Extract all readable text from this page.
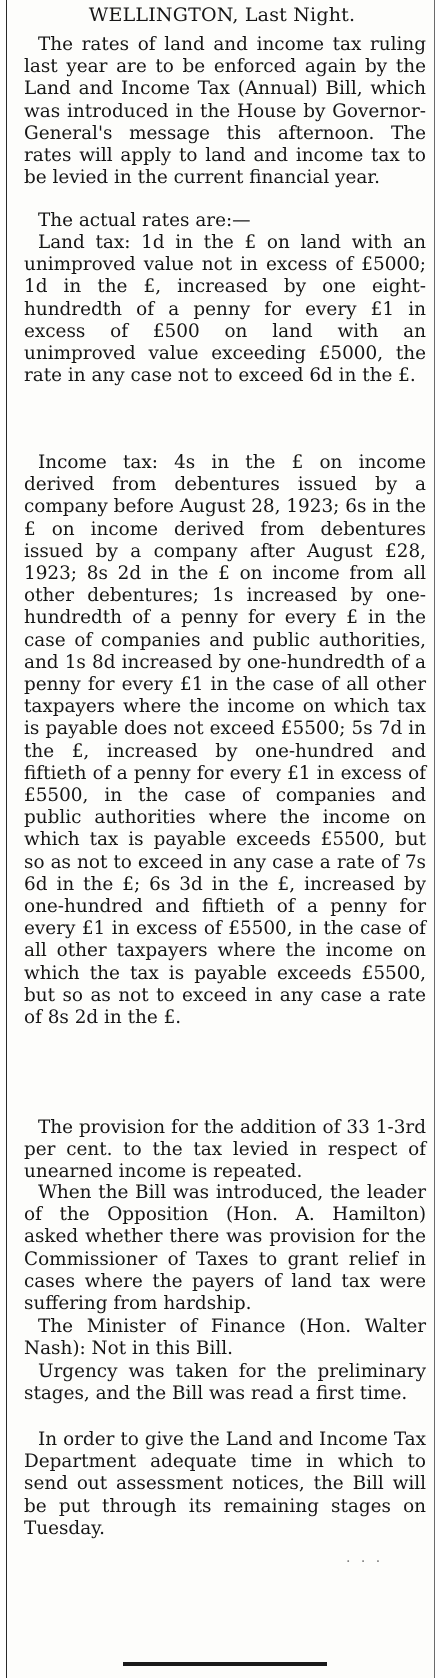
WELLINGTON, Last Night.

The rates of land and income tax ruling last year are to be enforced again by the Land and Income Tax (Annual) Bill, which was introduced in the House by Governor-General's message this afternoon. The rates will apply to land and income tax to be levied in the current financial year.

The actual rates are:—

Land tax: 1d in the £ on land with an unimproved value not in excess of £5000; 1d in the £, increased by one eight-hundredth of a penny for every £1 in excess of £500 on land with an unimproved value exceeding £5000, the rate in any case not to exceed 6d in the £.

Income tax: 4s in the £ on income derived from debentures issued by a company before August 28, 1923; 6s in the £ on income derived from debentures issued by a company after August £28, 1923; 8s 2d in the £ on income from all other debentures; 1s increased by one-hundredth of a penny for every £ in the case of companies and public authorities, and 1s 8d increased by one-hundredth of a penny for every £1 in the case of all other taxpayers where the income on which tax is payable does not exceed £5500; 5s 7d in the £, increased by one-hundred and fiftieth of a penny for every £1 in excess of £5500, in the case of companies and public authorities where the income on which tax is payable exceeds £5500, but so as not to exceed in any case a rate of 7s 6d in the £; 6s 3d in the £, increased by one-hundred and fiftieth of a penny for every £1 in excess of £5500, in the case of all other taxpayers where the income on which the tax is payable exceeds £5500, but so as not to exceed in any case a rate of 8s 2d in the £.

The provision for the addition of 33 1-3rd per cent. to the tax levied in respect of unearned income is repeated.

When the Bill was introduced, the leader of the Opposition (Hon. A. Hamilton) asked whether there was provision for the Commissioner of Taxes to grant relief in cases where the payers of land tax were suffering from hardship.

The Minister of Finance (Hon. Walter Nash): Not in this Bill.

Urgency was taken for the preliminary stages, and the Bill was read a first time.

In order to give the Land and Income Tax Department adequate time in which to send out assessment notices, the Bill will be put through its remaining stages on Tuesday.

· · ·
